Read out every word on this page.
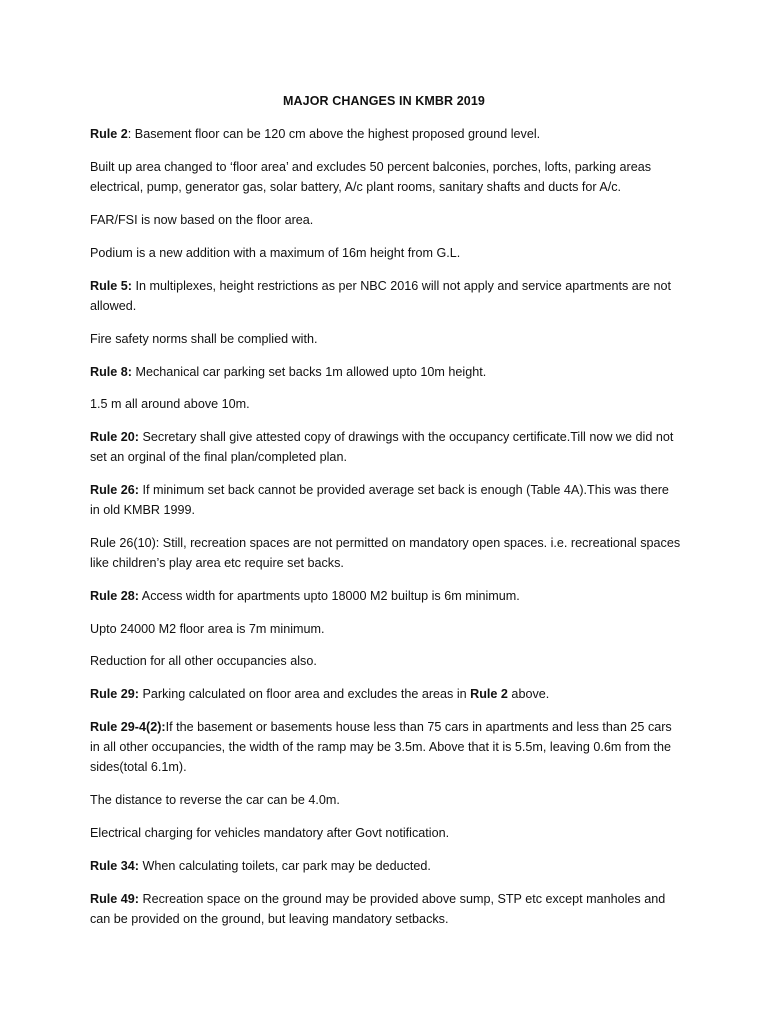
MAJOR CHANGES IN KMBR 2019

Rule 2: Basement floor can be 120 cm above the highest proposed ground level.

Built up area changed to ‘floor area’ and excludes 50 percent balconies, porches, lofts, parking areas electrical, pump, generator gas, solar battery, A/c plant rooms, sanitary shafts and ducts for A/c.

FAR/FSI is now based on the floor area.

Podium is a new addition with a maximum of 16m height from G.L.

Rule 5: In multiplexes, height restrictions as per NBC 2016 will not apply and service apartments are not allowed.

Fire safety norms shall be complied with.

Rule 8: Mechanical car parking set backs 1m allowed upto 10m height.

1.5 m all around above 10m.

Rule 20: Secretary shall give attested copy of drawings with the occupancy certificate.Till now we did not set an orginal of the final plan/completed plan.

Rule 26: If minimum set back cannot be provided average set back is enough (Table 4A).This was there in old KMBR 1999.

Rule 26(10): Still, recreation spaces are not permitted on mandatory open spaces. i.e. recreational spaces like children’s play area etc require set backs.

Rule 28: Access width for apartments upto 18000 M2 builtup is 6m minimum.

Upto 24000 M2 floor area is 7m minimum.

Reduction for all other occupancies also.

Rule 29: Parking calculated on floor area and excludes the areas in Rule 2 above.

Rule 29-4(2):If the basement or basements house less than 75 cars in apartments and less than 25 cars in all other occupancies, the width of the ramp may be 3.5m. Above that it is 5.5m, leaving 0.6m from the sides(total 6.1m).

The distance to reverse the car can be 4.0m.

Electrical charging for vehicles mandatory after Govt notification.

Rule 34: When calculating toilets, car park may be deducted.

Rule 49: Recreation space on the ground may be provided above sump, STP etc except manholes and can be provided on the ground, but leaving mandatory setbacks.
